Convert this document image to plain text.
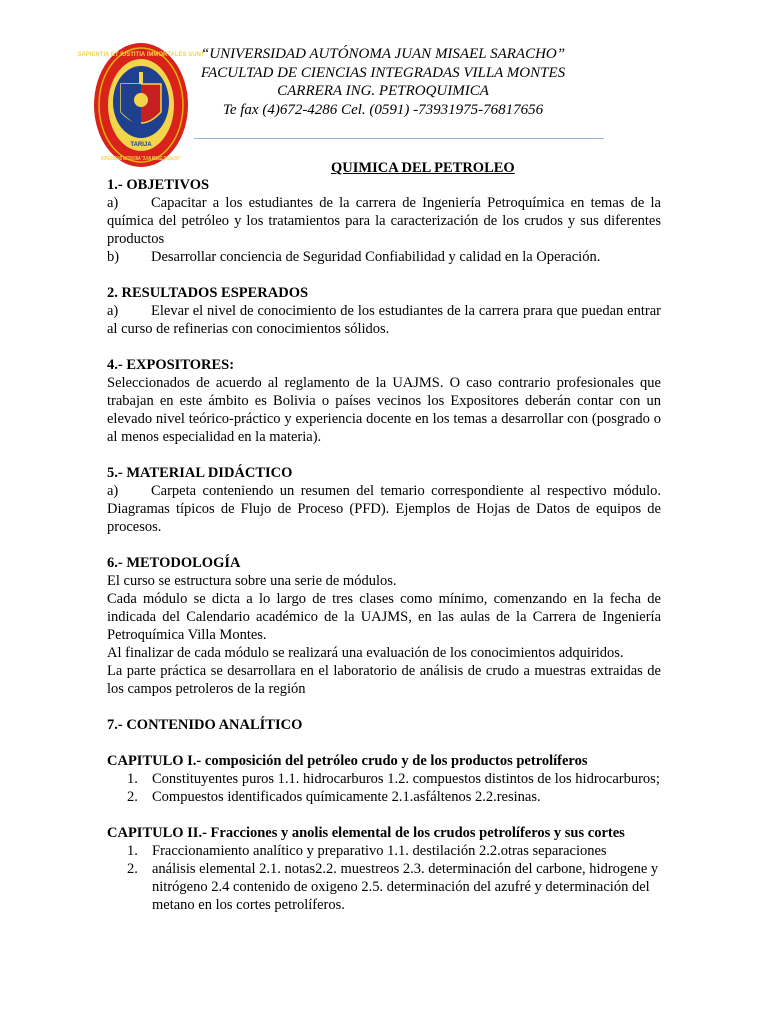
SAPIENTIA ET IUSTITIA IMMORTALES SUNT
UNIVERSIDAD AUTONOMA "JUAN MISAEL SARACHO"
TARIJA
“UNIVERSIDAD AUTÓNOMA JUAN MISAEL SARACHO”
FACULTAD DE CIENCIAS INTEGRADAS VILLA MONTES
CARRERA ING. PETROQUIMICA
Te fax (4)672-4286 Cel. (0591) -73931975-76817656
QUIMICA DEL PETROLEO

1.- OBJETIVOS

a) Capacitar a los estudiantes de la carrera de Ingeniería Petroquímica en temas de la química del petróleo y los tratamientos para la caracterización de los crudos y sus diferentes productos

b) Desarrollar conciencia de Seguridad Confiabilidad y calidad en la Operación.

2. RESULTADOS ESPERADOS

a) Elevar el nivel de conocimiento de los estudiantes de la carrera prara que puedan entrar al curso de refinerias con conocimientos sólidos.

4.- EXPOSITORES:

Seleccionados de acuerdo al reglamento de la UAJMS. O caso contrario profesionales que trabajan en este ámbito es Bolivia o países vecinos los Expositores deberán contar con un elevado nivel teórico-práctico y experiencia docente en los temas a desarrollar con (posgrado o al menos especialidad en la materia).

5.- MATERIAL DIDÁCTICO

a) Carpeta conteniendo un resumen del temario correspondiente al respectivo módulo. Diagramas típicos de Flujo de Proceso (PFD). Ejemplos de Hojas de Datos de equipos de procesos.

6.- METODOLOGÍA

El curso se estructura sobre una serie de módulos.

Cada módulo se dicta a lo largo de tres clases como mínimo, comenzando en la fecha de indicada del Calendario académico de la UAJMS, en las aulas de la Carrera de Ingeniería Petroquímica Villa Montes.

Al finalizar de cada módulo se realizará una evaluación de los conocimientos adquiridos.

La parte práctica se desarrollara en el laboratorio de análisis de crudo a muestras extraidas de los campos petroleros de la región

7.- CONTENIDO ANALÍTICO

CAPITULO I.- composición del petróleo crudo y de los productos petrolíferos

1. Constituyentes puros 1.1. hidrocarburos 1.2. compuestos distintos de los hidrocarburos;
2. Compuestos identificados químicamente 2.1.asfáltenos 2.2.resinas.

CAPITULO II.- Fracciones y anolis elemental de los crudos petrolíferos y sus cortes

1. Fraccionamiento analítico y preparativo 1.1. destilación 2.2.otras separaciones
2. análisis elemental 2.1. notas2.2. muestreos 2.3. determinación del carbone, hidrogene y nitrógeno 2.4 contenido de oxigeno 2.5. determinación del azufré y determinación del metano en los cortes petrolíferos.
